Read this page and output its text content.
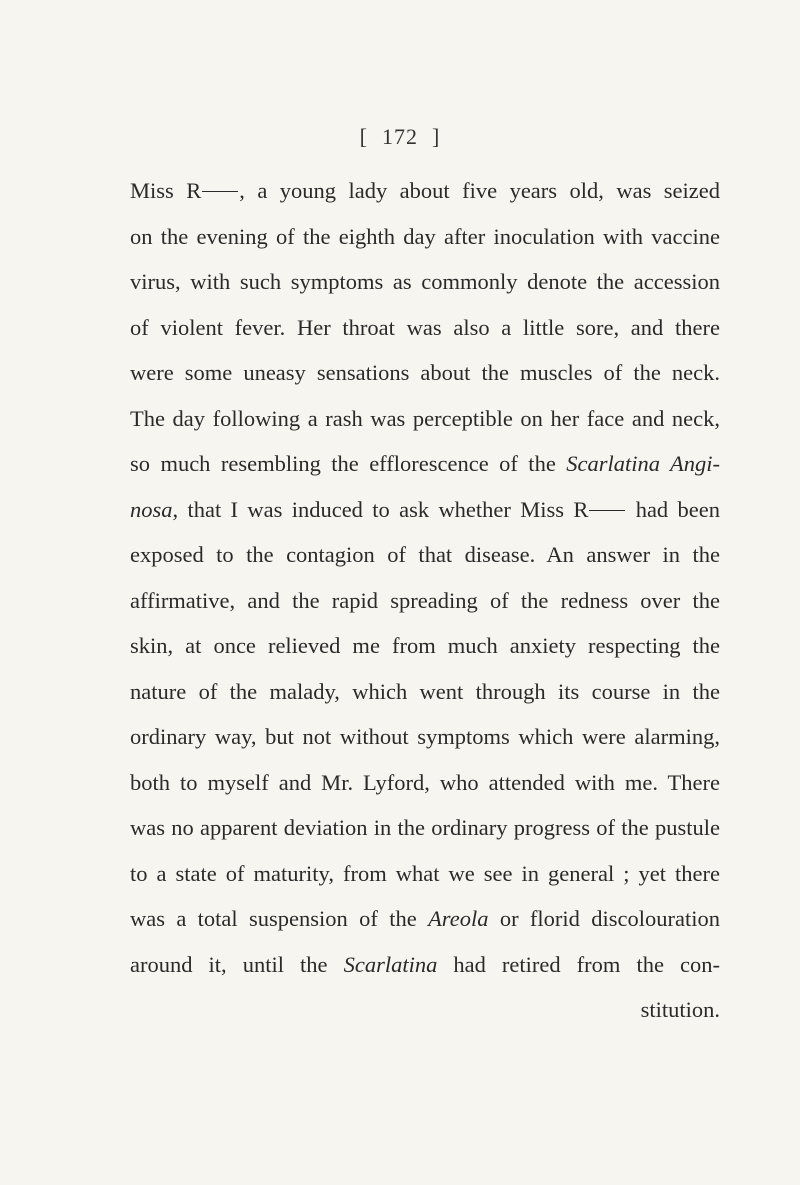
[ 172 ]
Miss R , a young lady about five years old, was seized
on the evening of the eighth day after inoculation with vaccine
virus, with such symptoms as commonly denote the accession
of violent fever. Her throat was also a little sore, and there
were some uneasy sensations about the muscles of the neck.
The day following a rash was perceptible on her face and neck,
so much resembling the efflorescence of the Scarlatina Angi-
nosa, that I was induced to ask whether Miss R had been
exposed to the contagion of that disease. An answer in the
affirmative, and the rapid spreading of the redness over the
skin, at once relieved me from much anxiety respecting the
nature of the malady, which went through its course in the
ordinary way, but not without symptoms which were alarming,
both to myself and Mr. Lyford, who attended with me. There
was no apparent deviation in the ordinary progress of the pustule
to a state of maturity, from what we see in general ; yet there
was a total suspension of the Areola or florid discolouration
around it, until the Scarlatina had retired from the con-
stitution.
